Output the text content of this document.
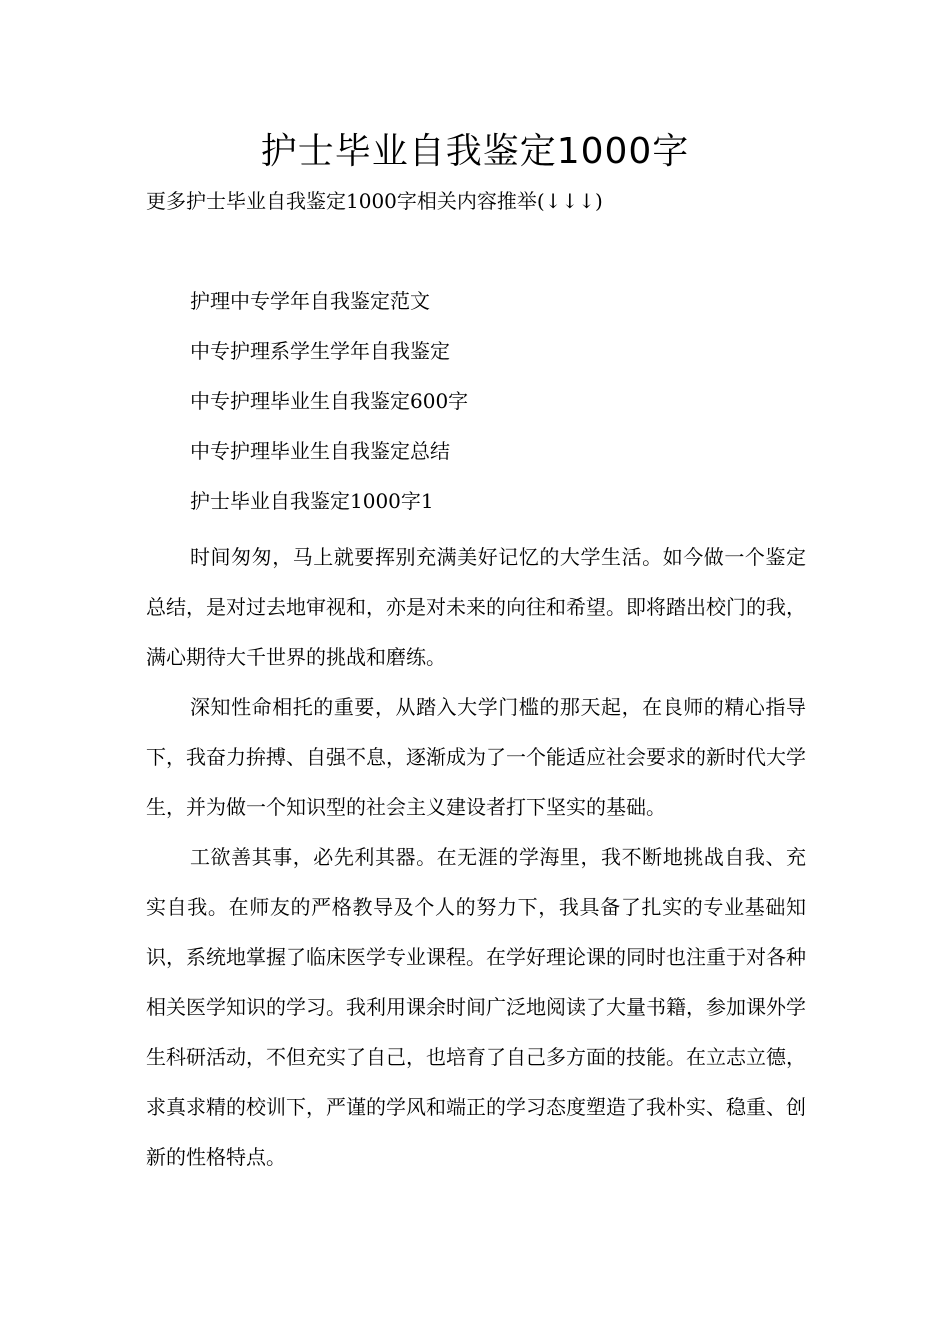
护士毕业自我鉴定1000字
更多护士毕业自我鉴定1000字相关内容推举(↓↓↓)
护理中专学年自我鉴定范文
中专护理系学生学年自我鉴定
中专护理毕业生自我鉴定600字
中专护理毕业生自我鉴定总结
护士毕业自我鉴定1000字1

时间匆匆，马上就要挥别充满美好记忆的大学生活。如今做一个鉴定总结，是对过去地审视和，亦是对未来的向往和希望。即将踏出校门的我，满心期待大千世界的挑战和磨练。

深知性命相托的重要，从踏入大学门槛的那天起，在良师的精心指导下，我奋力拚搏、自强不息，逐渐成为了一个能适应社会要求的新时代大学生，并为做一个知识型的社会主义建设者打下坚实的基础。

工欲善其事，必先利其器。在无涯的学海里，我不断地挑战自我、充实自我。在师友的严格教导及个人的努力下，我具备了扎实的专业基础知识，系统地掌握了临床医学专业课程。在学好理论课的同时也注重于对各种相关医学知识的学习。我利用课余时间广泛地阅读了大量书籍，参加课外学生科研活动，不但充实了自己，也培育了自己多方面的技能。在立志立德，求真求精的校训下，严谨的学风和端正的学习态度塑造了我朴实、稳重、创新的性格特点。
